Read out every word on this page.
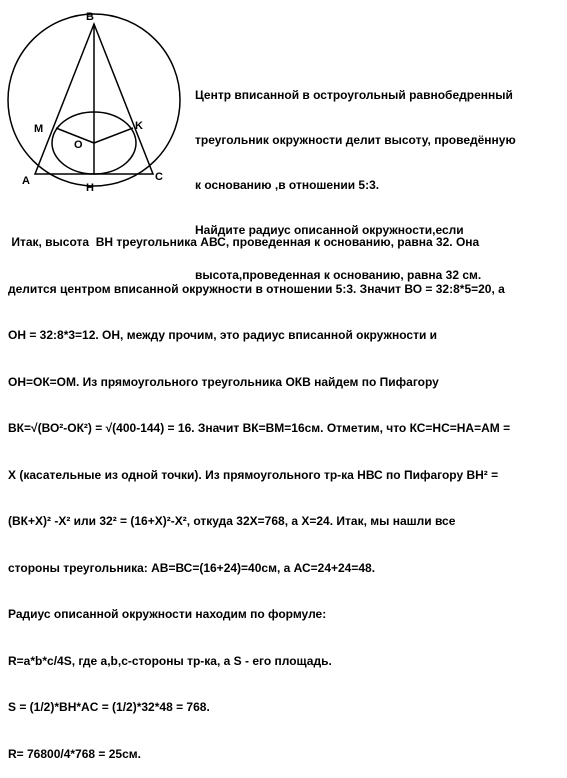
B
M	K
O
A
H
C

Центр вписанной в остроугольный равнобедренный

треугольник окружности делит высоту, проведённую

к основанию ,в отношении 5:3.

Найдите радиус описанной окружности,если

высота,проведенная к основанию, равна 32 см.

Итак, высота  ВН треугольника АВС, проведенная к основанию, равна 32. Она

делится центром вписанной окружности в отношении 5:3. Значит ВО = 32:8*5=20, а

ОН = 32:8*3=12. ОН, между прочим, это радиус вписанной окружности и

ОН=ОК=ОМ. Из прямоугольного треугольника ОКВ найдем по Пифагору

ВК=√(ВО²-ОК²) = √(400-144) = 16. Значит ВК=ВМ=16см. Отметим, что КС=НС=НА=АМ =

Х (касательные из одной точки). Из прямоугольного тр-ка НВС по Пифагору ВН² =

(ВК+Х)² -Х² или 32² = (16+Х)²-Х², откуда 32Х=768, а Х=24. Итак, мы нашли все

стороны треугольника: АВ=ВС=(16+24)=40см, а АС=24+24=48.

Радиус описанной окружности находим по формуле:

R=a*b*c/4S, где a,b,c-стороны тр-ка, а S - его площадь.

S = (1/2)*BH*AC = (1/2)*32*48 = 768.

R= 76800/4*768 = 25см.
